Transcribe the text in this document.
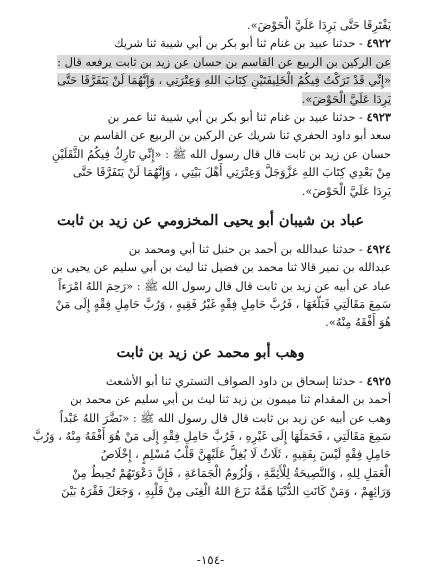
يَفْتَرِقَا حَتَّى يَرِدَا عَلَيَّ الْحَوْضَ».
٤٩٢٢ - حدثنا عبيد بن غنام ثنا أبو بكر بن أبي شيبة ثنا شريك
عن الركين بن الربيع عن القاسم بن حسان عن زيد بن ثابت يرفعه قال :
«إِنِّي قَدْ تَرَكْتُ فِيكُمُ الْخَلِيفَتَيْنِ كِتَابَ اللهِ وَعِتْرَتِي ، وَإِنَّهُمَا لَنْ يَتَفَرَّقَا حَتَّى
يَرِدَا عَلَيَّ الْحَوْضَ».
٤٩٢٣ - حدثنا عبيد بن غنام ثنا أبو بكر بن أبي شيبة ثنا عمر بن
سعد أبو داود الحفري ثنا شريك عن الركين بن الربيع عن القاسم بن
حسان عن زيد بن ثابت قال قال رسول الله ﷺ : «إِنِّي تَارِكٌ فِيكُمُ الثَّقَلَيْنِ
مِنْ بَعْدِي كِتَابَ اللهِ عَزَّوَجَلَّ وَعِتْرَتِي أَهْلَ بَيْتِي ، وَإِنَّهُمَا لَنْ يَتَفَرَّقَا حَتَّى
يَرِدَا عَلَيَّ الْحَوْضَ».
عباد بن شيبان أبو يحيى المخزومي عن زيد بن ثابت
٤٩٢٤ - حدثنا عبدالله بن أحمد بن حنبل ثنا أبي ومحمد بن
عبدالله بن نمير قالا ثنا محمد بن فضيل ثنا ليث بن أبي سليم عن يحيى بن
عباد عن أبيه عن زيد بن ثابت قال قال رسول الله ﷺ : «رَحِمَ اللهُ امْرَءاً
سَمِعَ مَقَالَتِي فَبَلَّغَهَا ، فَرُبَّ حَامِلِ فِقْهٍ غَيْرُ فَقِيهٍ ، وَرُبَّ حَامِلِ فِقْهٍ إِلَى مَنْ
هُوَ أَفْقَهُ مِنْهُ».
وهب أبو محمد عن زيد بن ثابت
٤٩٢٥ - حدثنا إسحاق بن داود الصواف التستري ثنا أبو الأشعث
أحمد بن المقدام ثنا ميمون بن زيد ثنا ليث بن أبي سليم عن محمد بن
وهب عن أبيه عن زيد بن ثابت قال قال رسول الله ﷺ : «نَضَّرَ اللهُ عَبْداً
سَمِعَ مَقَالَتِي ، فَحَمَلَهَا إِلَى غَيْرِهِ ، فَرُبَّ حَامِلِ فِقْهٍ إِلَى مَنْ هُوَ أَفْقَهُ مِنْهُ ، وَرُبَّ
حَامِلِ فِقْهٍ لَيْسَ بِفَقِيهٍ ، ثَلَاثٌ لَا يُغِلُّ عَلَيْهِنَّ قَلْبُ مُسْلِمٍ ، إِخْلَاصُ
الْعَمَلِ لِلهِ ، وَالنَّصِيحَةُ لِلْأَئِمَّةِ ، وَلُزُومُ الْجَمَاعَةِ ، فَإِنَّ دَعْوَتَهُمْ تُحِيطُ مِنْ
وَرَائِهِمْ ، وَمَنْ كَانَتِ الدُّنْيَا هَمَّهُ نَزَعَ اللهُ الْغِنَى مِنْ قَلْبِهِ ، وَجَعَلَ فَقْرَهُ بَيْنَ
-١٥٤-
